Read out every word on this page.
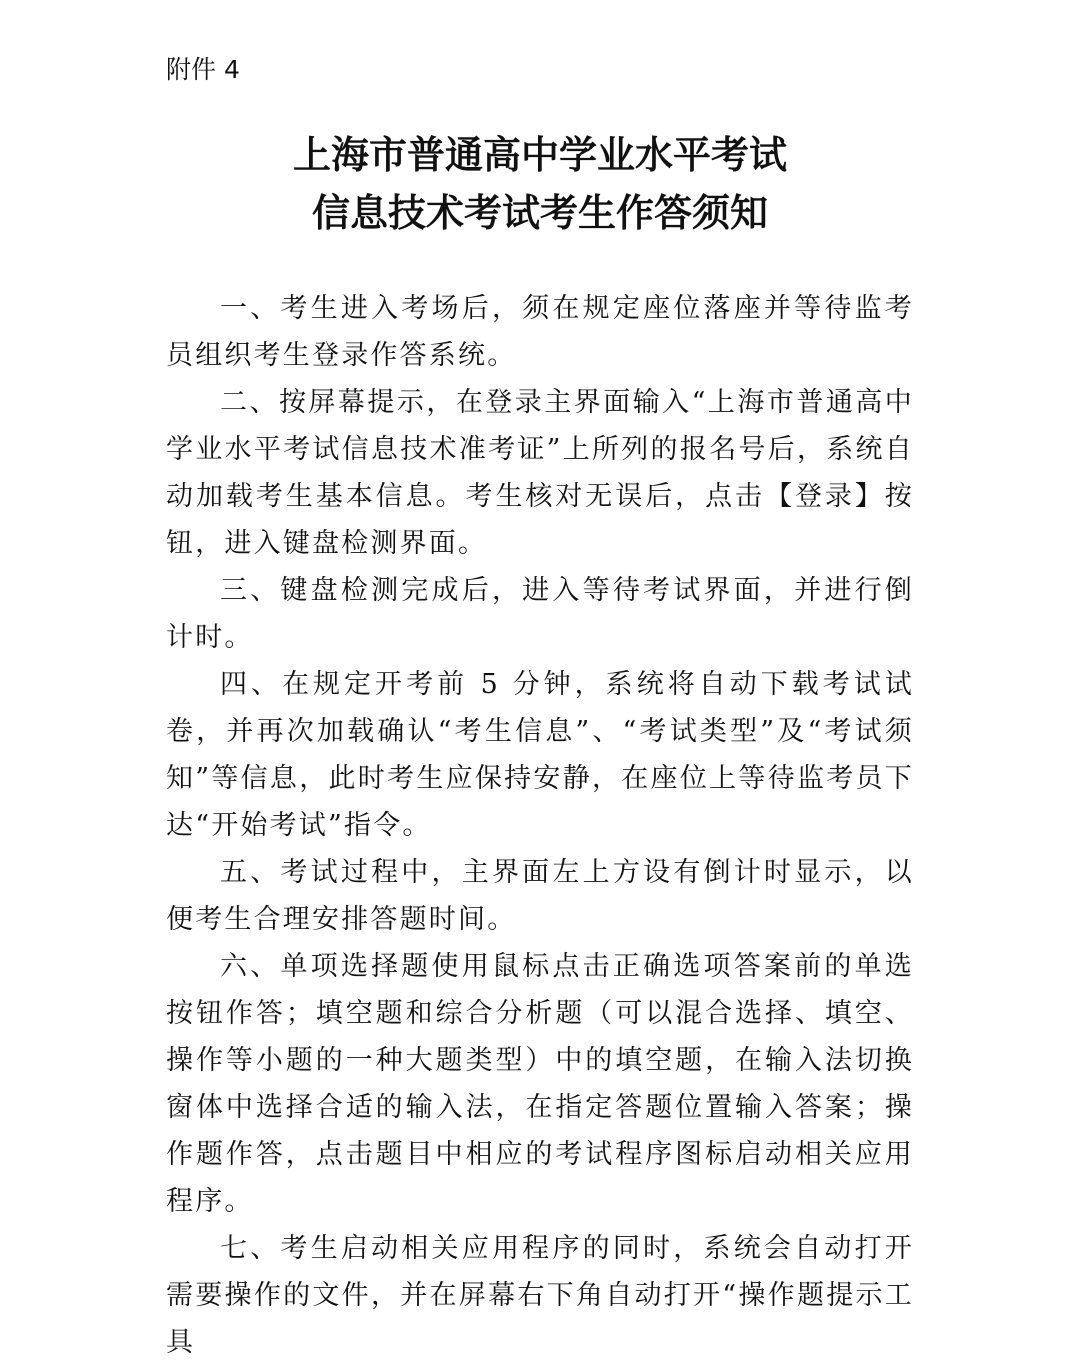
附件 4

上海市普通高中学业水平考试
信息技术考试考生作答须知

一、考生进入考场后，须在规定座位落座并等待监考员组织考生登录作答系统。

二、按屏幕提示，在登录主界面输入“上海市普通高中学业水平考试信息技术准考证”上所列的报名号后，系统自动加载考生基本信息。考生核对无误后，点击【登录】按钮，进入键盘检测界面。

三、键盘检测完成后，进入等待考试界面，并进行倒计时。

四、在规定开考前 5 分钟，系统将自动下载考试试卷，并再次加载确认“考生信息”、“考试类型”及“考试须知”等信息，此时考生应保持安静，在座位上等待监考员下达“开始考试”指令。

五、考试过程中，主界面左上方设有倒计时显示，以便考生合理安排答题时间。

六、单项选择题使用鼠标点击正确选项答案前的单选按钮作答；填空题和综合分析题（可以混合选择、填空、操作等小题的一种大题类型）中的填空题，在输入法切换窗体中选择合适的输入法，在指定答题位置输入答案；操作题作答，点击题目中相应的考试程序图标启动相关应用程序。

七、考生启动相关应用程序的同时，系统会自动打开需要操作的文件，并在屏幕右下角自动打开“操作题提示工具
